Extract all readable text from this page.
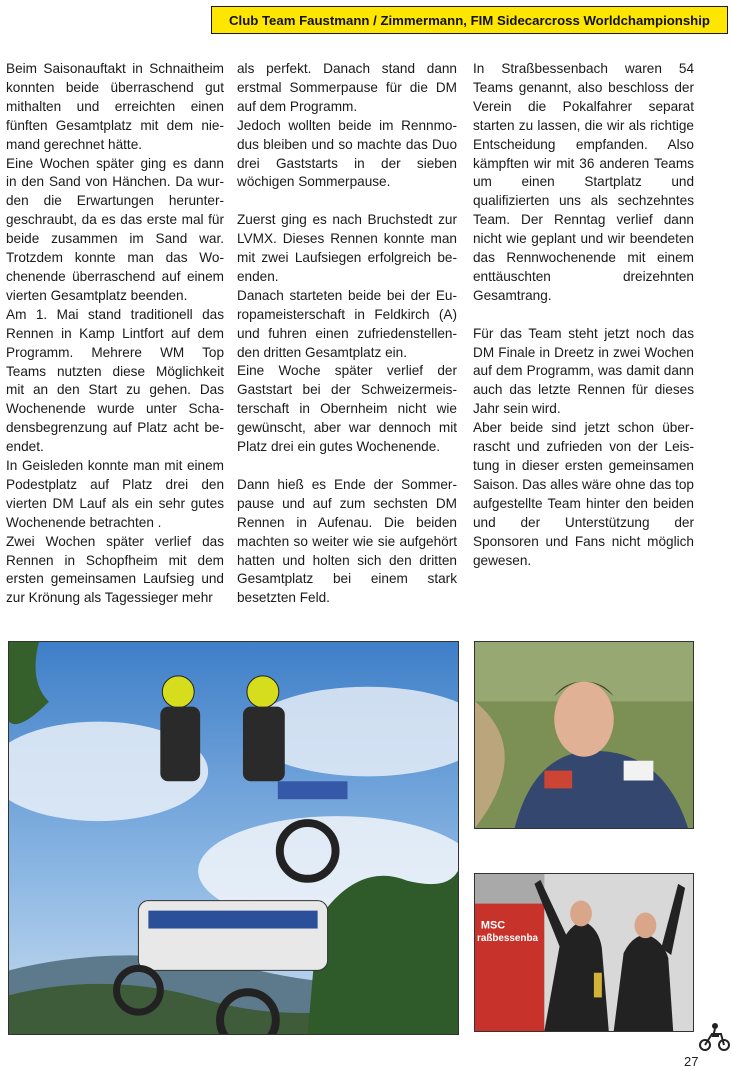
Club Team Faustmann / Zimmermann, FIM Sidecarcross Worldchampionship

Beim Saisonauftakt in Schnaitheim konnten beide überraschend gut mithalten und erreichten einen fünften Gesamtplatz mit dem niemand gerechnet hätte.

Eine Wochen später ging es dann in den Sand von Hänchen. Da wurden die Erwartungen heruntergeschraubt, da es das erste mal für beide zusammen im Sand war. Trotzdem konnte man das Wochenende überraschend auf einem vierten Gesamtplatz beenden.

Am 1. Mai stand traditionell das Rennen in Kamp Lintfort auf dem Programm. Mehrere WM Top Teams nutzten diese Möglichkeit mit an den Start zu gehen. Das Wochenende wurde unter Schadensbegrenzung auf Platz acht beendet.

In Geisleden konnte man mit einem Podestplatz auf Platz drei den vierten DM Lauf als ein sehr gutes Wochenende betrachten .

Zwei Wochen später verlief das Rennen in Schopfheim mit dem ersten gemeinsamen Laufsieg und zur Krönung als Tagessieger mehr

als perfekt. Danach stand dann erstmal Sommerpause für die DM auf dem Programm.

Jedoch wollten beide im Rennmodus bleiben und so machte das Duo drei Gaststarts in der sieben wöchigen Sommerpause.

Zuerst ging es nach Bruchstedt zur LVMX. Dieses Rennen konnte man mit zwei Laufsiegen erfolgreich beenden.

Danach starteten beide bei der Europameisterschaft in Feldkirch (A) und fuhren einen zufriedenstellenden dritten Gesamtplatz ein.

Eine Woche später verlief der Gaststart bei der Schweizermeisterschaft in Obernheim nicht wie gewünscht, aber war dennoch mit Platz drei ein gutes Wochenende.

Dann hieß es Ende der Sommerpause und auf zum sechsten DM Rennen in Aufenau. Die beiden machten so weiter wie sie aufgehört hatten und holten sich den dritten Gesamtplatz bei einem stark besetzten Feld.

In Straßbessenbach waren 54 Teams genannt, also beschloss der Verein die Pokalfahrer separat starten zu lassen, die wir als richtige Entscheidung empfanden. Also kämpften wir mit 36 anderen Teams um einen Startplatz und qualifizierten uns als sechzehntes Team. Der Renntag verlief dann nicht wie geplant und wir beendeten das Rennwochenende mit einem enttäuschten dreizehnten Gesamtrang.

Für das Team steht jetzt noch das DM Finale in Dreetz in zwei Wochen auf dem Programm, was damit dann auch das letzte Rennen für dieses Jahr sein wird.

Aber beide sind jetzt schon überrascht und zufrieden von der Leistung in dieser ersten gemeinsamen Saison. Das alles wäre ohne das top aufgestellte Team hinter den beiden und der Unterstützung der Sponsoren und Fans nicht möglich gewesen.

MSC
raßbessenba
27
